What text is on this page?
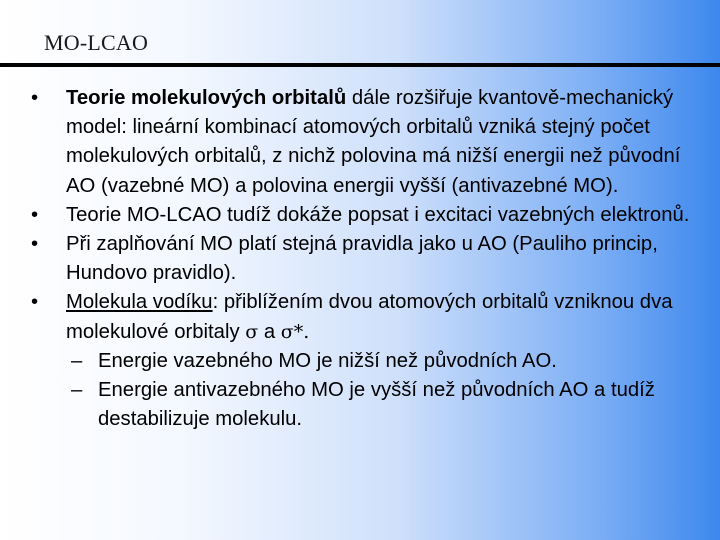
MO-LCAO

• Teorie molekulových orbitalů dále rozšiřuje kvantově-mechanický model: lineární kombinací atomových orbitalů vzniká stejný počet molekulových orbitalů, z nichž polovina má nižší energii než původní AO (vazebné MO) a polovina energii vyšší (antivazebné MO).

• Teorie MO-LCAO tudíž dokáže popsat i excitaci vazebných elektronů.

• Při zaplňování MO platí stejná pravidla jako u AO (Pauliho princip, Hundovo pravidlo).

• Molekula vodíku: přiblížením dvou atomových orbitalů vzniknou dva molekulové orbitaly σ a σ*.

– Energie vazebného MO je nižší než původních AO.

– Energie antivazebného MO je vyšší než původních AO a tudíž destabilizuje molekulu.
